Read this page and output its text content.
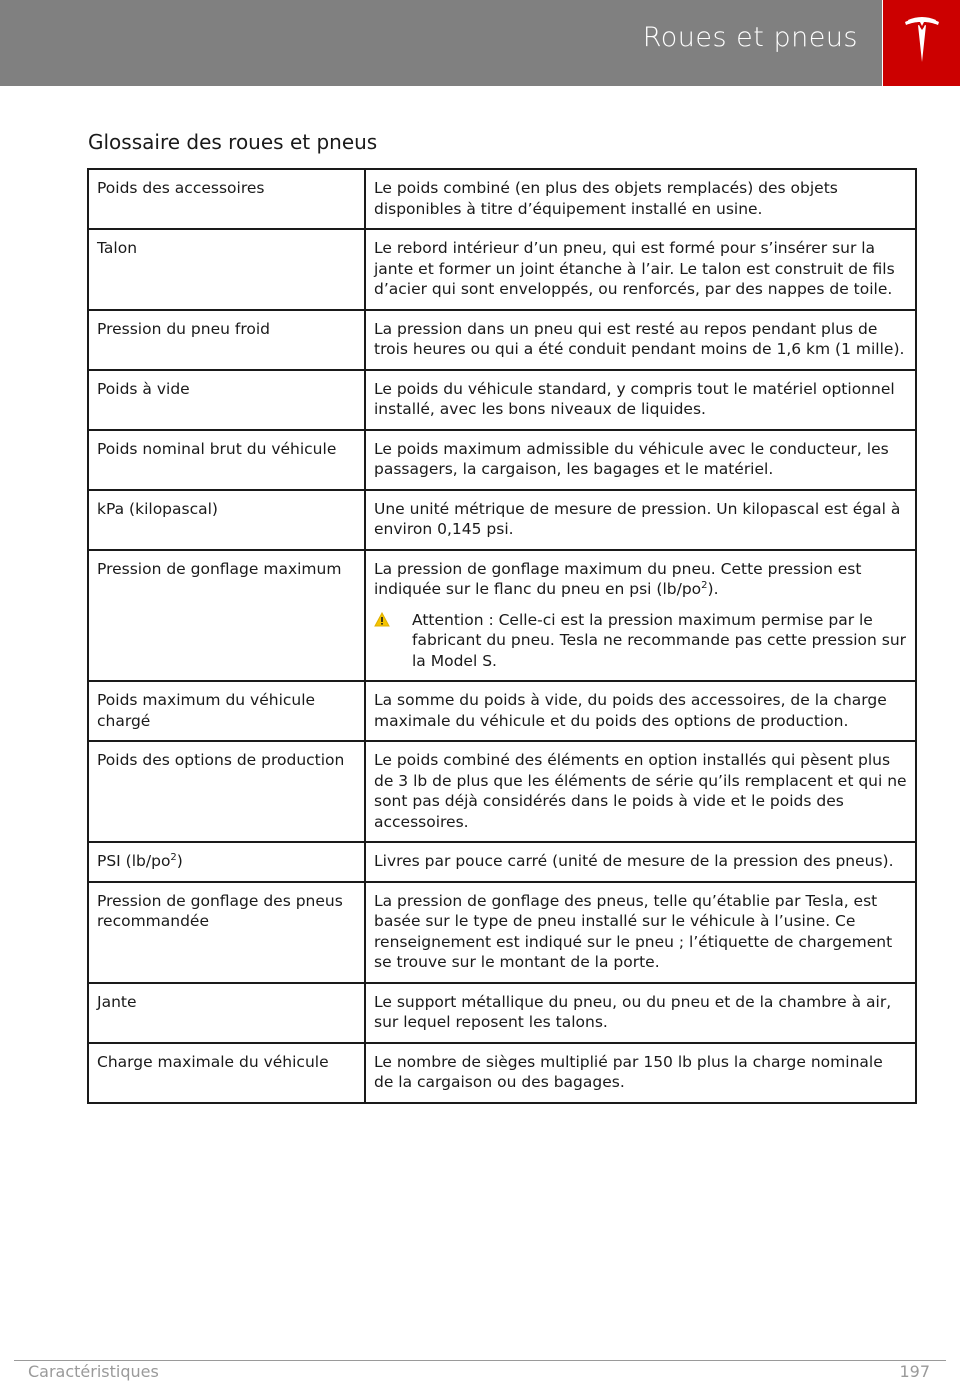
Roues et pneus
Glossaire des roues et pneus
Poids des accessoires	Le poids combiné (en plus des objets remplacés) des objets disponibles à titre d’équipement installé en usine.
Talon	Le rebord intérieur d’un pneu, qui est formé pour s’insérer sur la jante et former un joint étanche à l’air. Le talon est construit de fils d’acier qui sont enveloppés, ou renforcés, par des nappes de toile.
Pression du pneu froid	La pression dans un pneu qui est resté au repos pendant plus de trois heures ou qui a été conduit pendant moins de 1,6 km (1 mille).
Poids à vide	Le poids du véhicule standard, y compris tout le matériel optionnel installé, avec les bons niveaux de liquides.
Poids nominal brut du véhicule	Le poids maximum admissible du véhicule avec le conducteur, les passagers, la cargaison, les bagages et le matériel.
kPa (kilopascal)	Une unité métrique de mesure de pression. Un kilopascal est égal à environ 0,145 psi.
Pression de gonflage maximum	La pression de gonflage maximum du pneu. Cette pression est indiquée sur le flanc du pneu en psi $(lb/po^2)$.
Attention : Celle-ci est la pression maximum permise par le fabricant du pneu. Tesla ne recommande pas cette pression sur la Model S.

Poids maximum du véhicule chargé	La somme du poids à vide, du poids des accessoires, de la charge maximale du véhicule et du poids des options de production.
Poids des options de production	Le poids combiné des éléments en option installés qui pèsent plus de 3 lb de plus que les éléments de série qu’ils remplacent et qui ne sont pas déjà considérés dans le poids à vide et le poids des accessoires.
PSI $(lb/po^2)$	Livres par pouce carré (unité de mesure de la pression des pneus).
Pression de gonflage des pneus recommandée	La pression de gonflage des pneus, telle qu’établie par Tesla, est basée sur le type de pneu installé sur le véhicule à l’usine. Ce renseignement est indiqué sur le pneu ; l’étiquette de chargement se trouve sur le montant de la porte.
Jante	Le support métallique du pneu, ou du pneu et de la chambre à air, sur lequel reposent les talons.
Charge maximale du véhicule	Le nombre de sièges multiplié par 150 lb plus la charge nominale de la cargaison ou des bagages.
Caractéristiques	197
